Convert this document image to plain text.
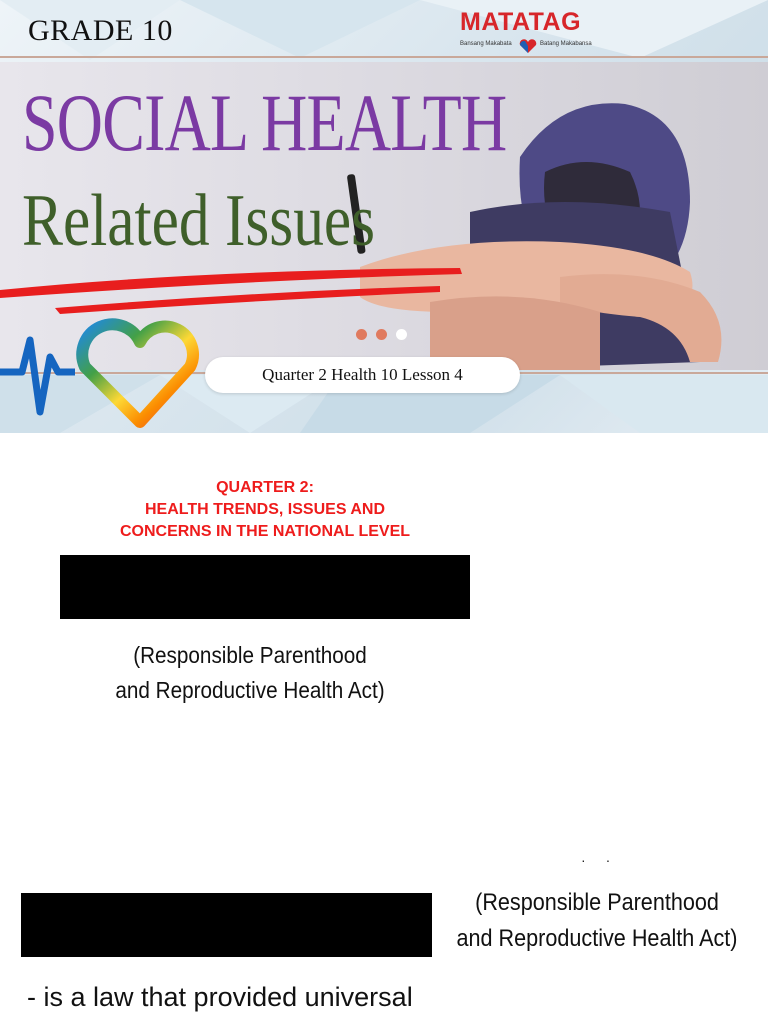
GRADE 10	MATATAG
Bansang Makabata	Batang Makabansa
SOCIAL HEALTH
Related Issues
Quarter 2 Health 10 Lesson 4
QUARTER 2:
HEALTH TRENDS, ISSUES AND
CONCERNS IN THE NATIONAL LEVEL
(Responsible Parenthood
and Reproductive Health Act)
··
(Responsible Parenthood
and Reproductive Health Act)
- is a law that provided universal
